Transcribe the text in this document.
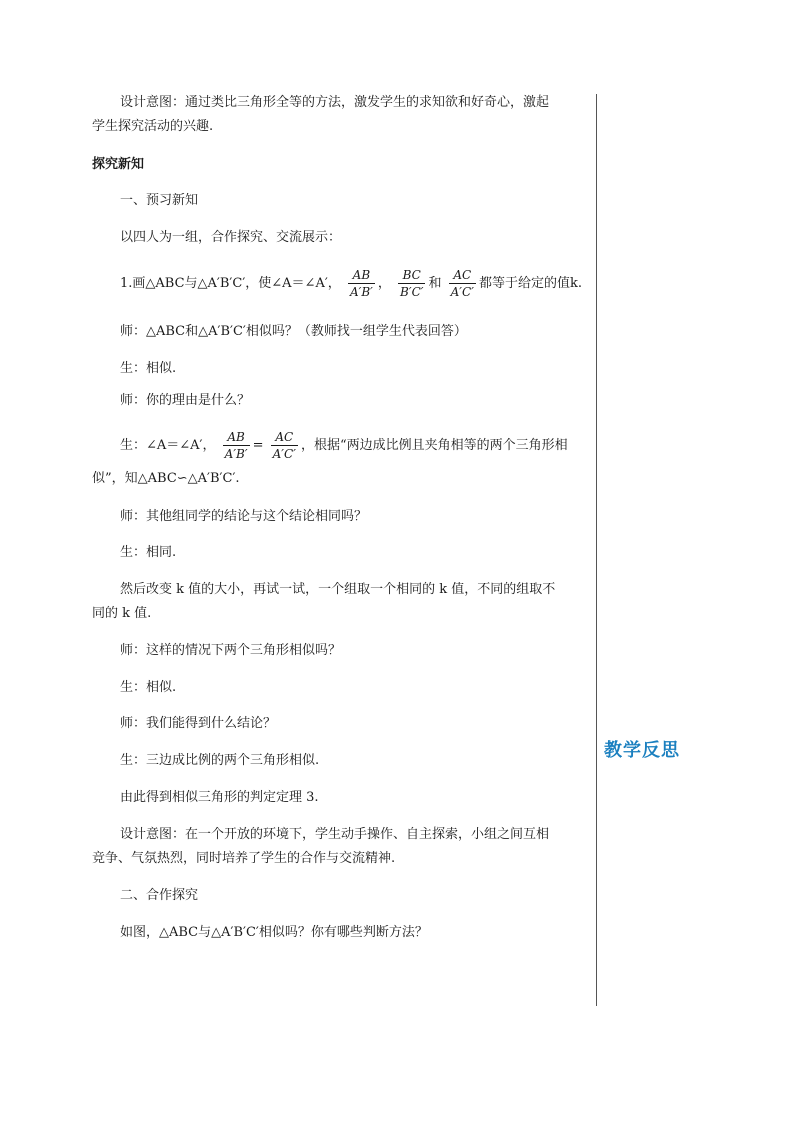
设计意图：通过类比三角形全等的方法，激发学生的求知欲和好奇心，激起
学生探究活动的兴趣.
探究新知
一、预习新知
以四人为一组，合作探究、交流展示：
1.画△ABC与△A′B′C′，使∠A＝∠A′， $\frac{AB}{A'B'}$ ， $\frac{BC}{B'C'}$ 和 $\frac{AC}{A'C'}$ 都等于给定的值k.
师：△ABC和△A′B′C′相似吗？（教师找一组学生代表回答）
生：相似.
师：你的理由是什么？
生：∠A＝∠A′， $\frac{AB}{A'B'} = \frac{AC}{A'C'}$ ，根据“两边成比例且夹角相等的两个三角形相
似”，知△ABC∽△A′B′C′.
师：其他组同学的结论与这个结论相同吗？
生：相同.
然后改变 k 值的大小，再试一试，一个组取一个相同的 k 值，不同的组取不
同的 k 值.
师：这样的情况下两个三角形相似吗？
生：相似.
师：我们能得到什么结论？
生：三边成比例的两个三角形相似.
由此得到相似三角形的判定定理 3.
设计意图：在一个开放的环境下，学生动手操作、自主探索，小组之间互相
竞争、气氛热烈，同时培养了学生的合作与交流精神.
二、合作探究
如图，△ABC与△A′B′C′相似吗？你有哪些判断方法？
教学反思
